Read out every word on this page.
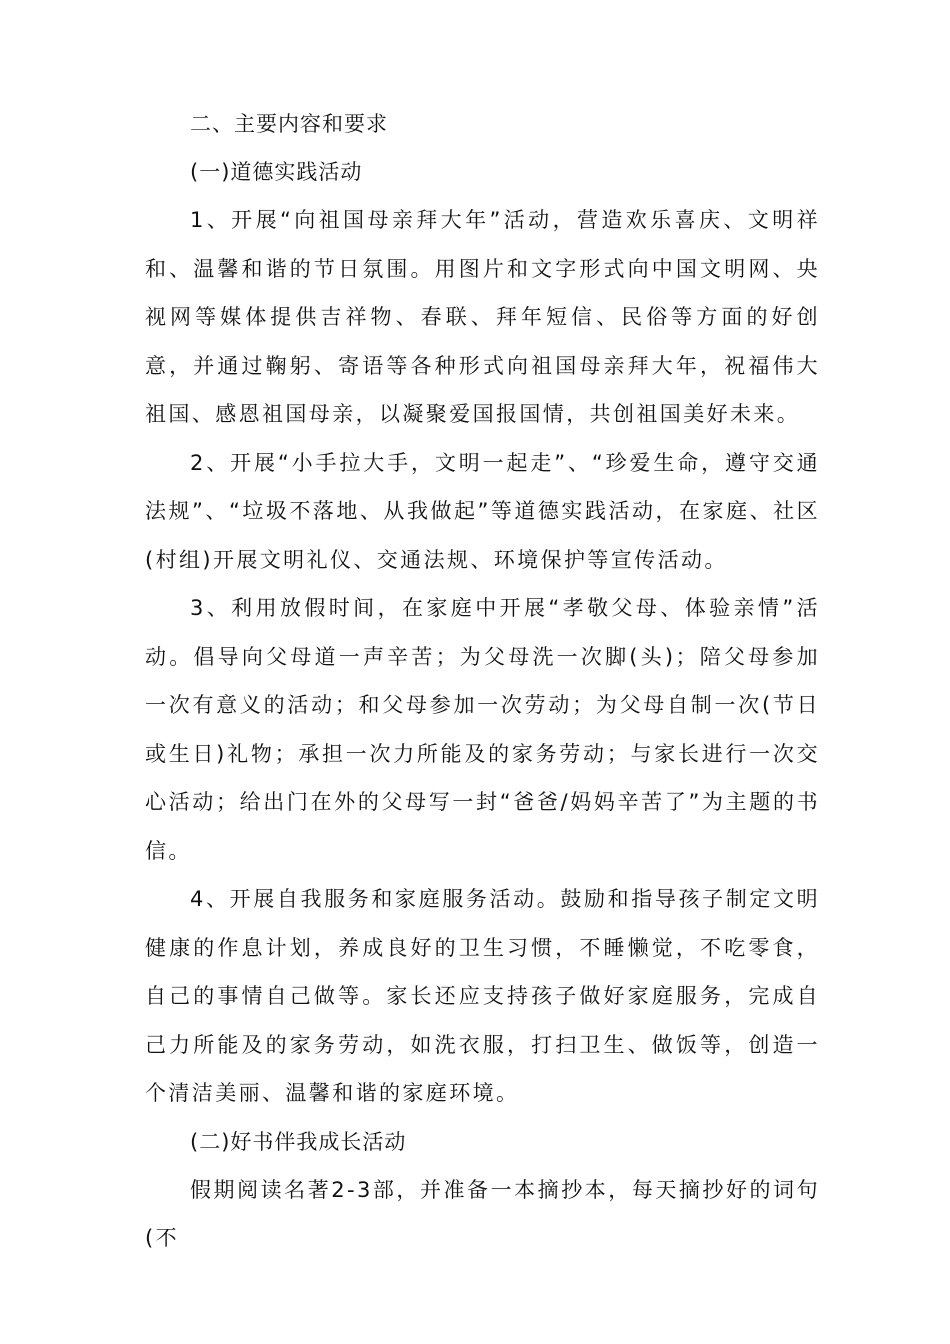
二、主要内容和要求

(一)道德实践活动

1、开展“向祖国母亲拜大年”活动，营造欢乐喜庆、文明祥和、温馨和谐的节日氛围。用图片和文字形式向中国文明网、央视网等媒体提供吉祥物、春联、拜年短信、民俗等方面的好创意，并通过鞠躬、寄语等各种形式向祖国母亲拜大年，祝福伟大祖国、感恩祖国母亲，以凝聚爱国报国情，共创祖国美好未来。

2、开展“小手拉大手，文明一起走”、“珍爱生命，遵守交通法规”、“垃圾不落地、从我做起”等道德实践活动，在家庭、社区(村组)开展文明礼仪、交通法规、环境保护等宣传活动。

3、利用放假时间，在家庭中开展“孝敬父母、体验亲情”活动。倡导向父母道一声辛苦；为父母洗一次脚(头)；陪父母参加一次有意义的活动；和父母参加一次劳动；为父母自制一次(节日或生日)礼物；承担一次力所能及的家务劳动；与家长进行一次交心活动；给出门在外的父母写一封“爸爸/妈妈辛苦了”为主题的书信。

4、开展自我服务和家庭服务活动。鼓励和指导孩子制定文明健康的作息计划，养成良好的卫生习惯，不睡懒觉，不吃零食，自己的事情自己做等。家长还应支持孩子做好家庭服务，完成自己力所能及的家务劳动，如洗衣服，打扫卫生、做饭等，创造一个清洁美丽、温馨和谐的家庭环境。

(二)好书伴我成长活动

假期阅读名著2-3部，并准备一本摘抄本，每天摘抄好的词句(不
